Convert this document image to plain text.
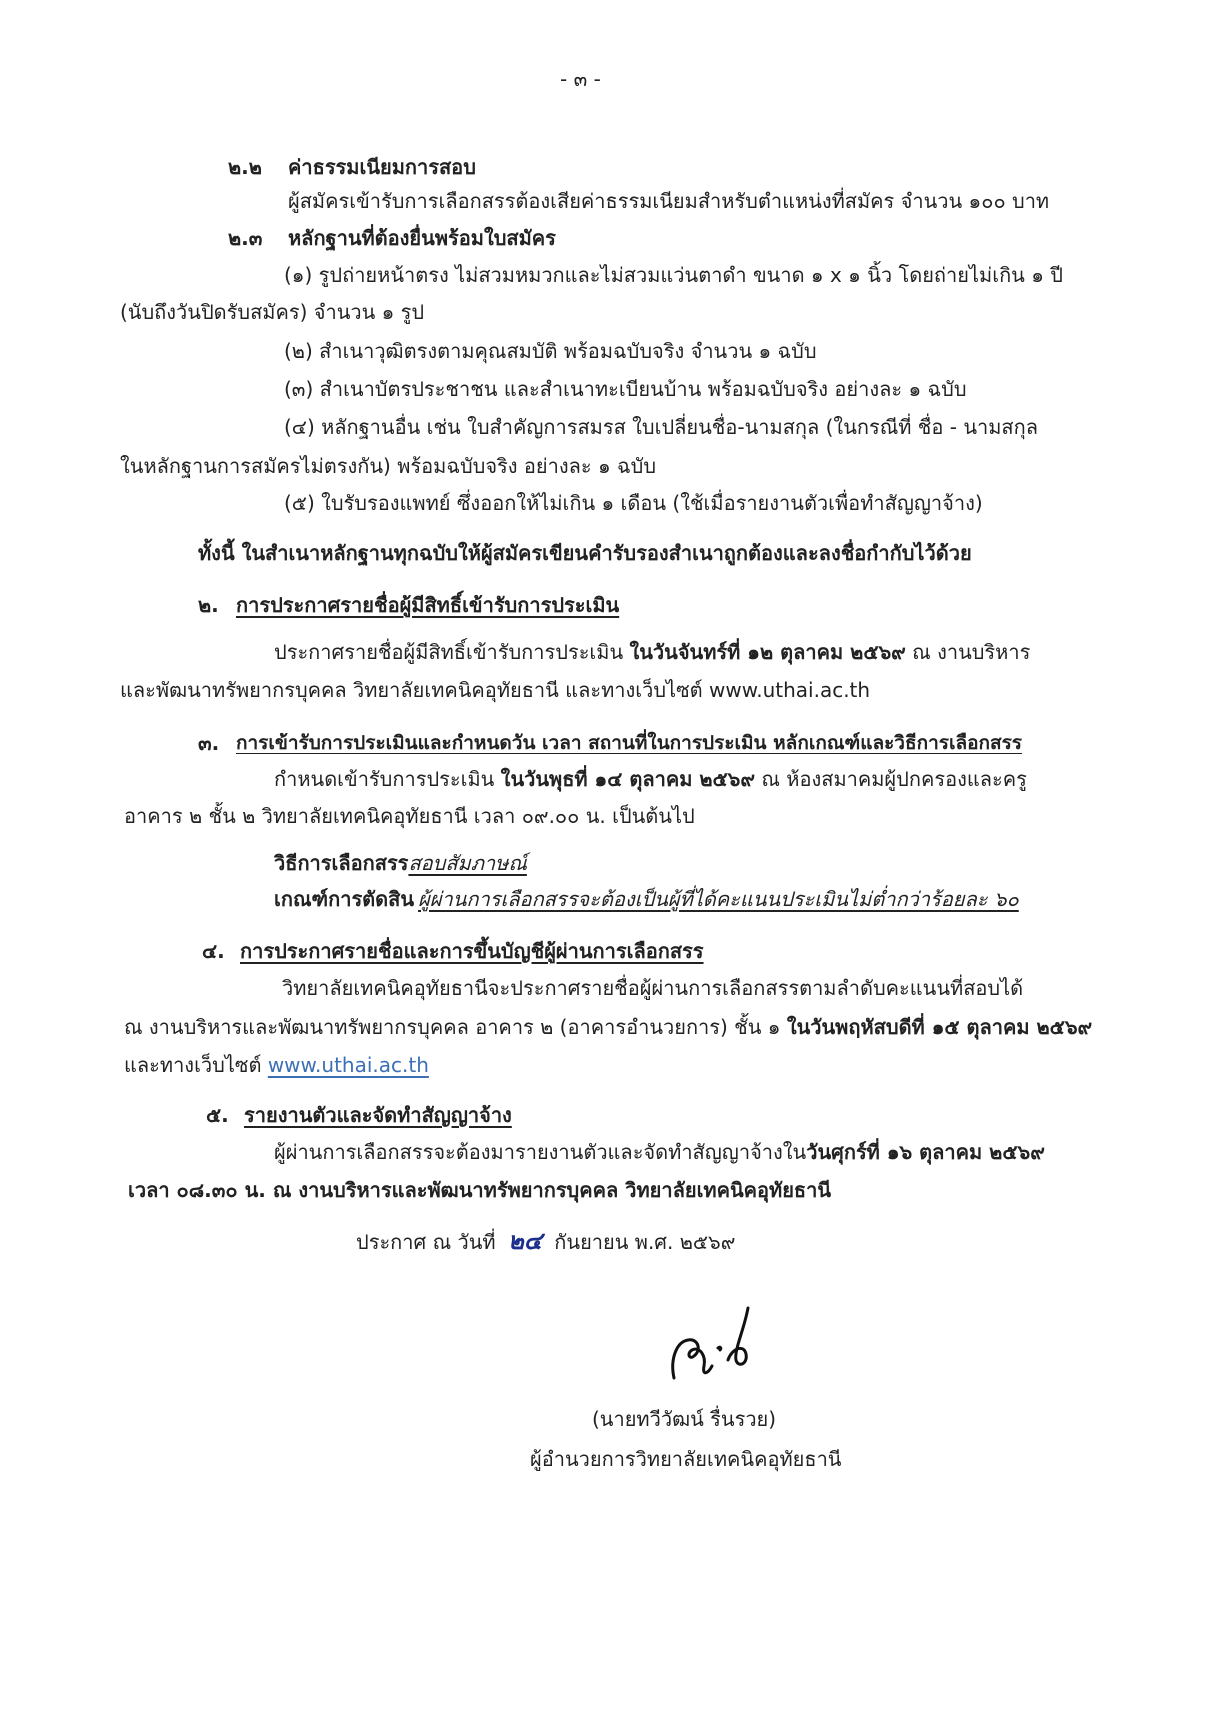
- ๓ -
๒.๒ ค่าธรรมเนียมการสอบ
ผู้สมัครเข้ารับการเลือกสรรต้องเสียค่าธรรมเนียมสำหรับตำแหน่งที่สมัคร จำนวน ๑๐๐ บาท
๒.๓ หลักฐานที่ต้องยื่นพร้อมใบสมัคร
(๑) รูปถ่ายหน้าตรง ไม่สวมหมวกและไม่สวมแว่นตาดำ ขนาด ๑ x ๑ นิ้ว โดยถ่ายไม่เกิน ๑ ปี
(นับถึงวันปิดรับสมัคร) จำนวน ๑ รูป
(๒) สำเนาวุฒิตรงตามคุณสมบัติ พร้อมฉบับจริง จำนวน ๑ ฉบับ
(๓) สำเนาบัตรประชาชน และสำเนาทะเบียนบ้าน พร้อมฉบับจริง อย่างละ ๑ ฉบับ
(๔) หลักฐานอื่น เช่น ใบสำคัญการสมรส ใบเปลี่ยนชื่อ-นามสกุล (ในกรณีที่ ชื่อ - นามสกุล
ในหลักฐานการสมัครไม่ตรงกัน) พร้อมฉบับจริง อย่างละ ๑ ฉบับ
(๕) ใบรับรองแพทย์ ซึ่งออกให้ไม่เกิน ๑ เดือน (ใช้เมื่อรายงานตัวเพื่อทำสัญญาจ้าง)
ทั้งนี้ ในสำเนาหลักฐานทุกฉบับให้ผู้สมัครเขียนคำรับรองสำเนาถูกต้องและลงชื่อกำกับไว้ด้วย
๒. การประกาศรายชื่อผู้มีสิทธิ์เข้ารับการประเมิน
ประกาศรายชื่อผู้มีสิทธิ์เข้ารับการประเมิน ในวันจันทร์ที่ ๑๒ ตุลาคม ๒๕๖๙ ณ งานบริหาร
และพัฒนาทรัพยากรบุคคล วิทยาลัยเทคนิคอุทัยธานี และทางเว็บไซต์ www.uthai.ac.th
๓. การเข้ารับการประเมินและกำหนดวัน เวลา สถานที่ในการประเมิน หลักเกณฑ์และวิธีการเลือกสรร
กำหนดเข้ารับการประเมิน ในวันพุธที่ ๑๔ ตุลาคม ๒๕๖๙ ณ ห้องสมาคมผู้ปกครองและครู
อาคาร ๒ ชั้น ๒ วิทยาลัยเทคนิคอุทัยธานี เวลา ๐๙.๐๐ น. เป็นต้นไป
วิธีการเลือกสรรสอบสัมภาษณ์
เกณฑ์การตัดสิน ผู้ผ่านการเลือกสรรจะต้องเป็นผู้ที่ได้คะแนนประเมินไม่ต่ำกว่าร้อยละ ๖๐
๔. การประกาศรายชื่อและการขึ้นบัญชีผู้ผ่านการเลือกสรร
วิทยาลัยเทคนิคอุทัยธานีจะประกาศรายชื่อผู้ผ่านการเลือกสรรตามลำดับคะแนนที่สอบได้
ณ งานบริหารและพัฒนาทรัพยากรบุคคล อาคาร ๒ (อาคารอำนวยการ) ชั้น ๑ ในวันพฤหัสบดีที่ ๑๕ ตุลาคม ๒๕๖๙
และทางเว็บไซต์ www.uthai.ac.th
๕. รายงานตัวและจัดทำสัญญาจ้าง
ผู้ผ่านการเลือกสรรจะต้องมารายงานตัวและจัดทำสัญญาจ้างในวันศุกร์ที่ ๑๖ ตุลาคม ๒๕๖๙
เวลา ๐๘.๓๐ น. ณ งานบริหารและพัฒนาทรัพยากรบุคคล วิทยาลัยเทคนิคอุทัยธานี
ประกาศ ณ วันที่ ๒๔ กันยายน พ.ศ. ๒๕๖๙
(นายทวีวัฒน์ รื่นรวย)
ผู้อำนวยการวิทยาลัยเทคนิคอุทัยธานี
